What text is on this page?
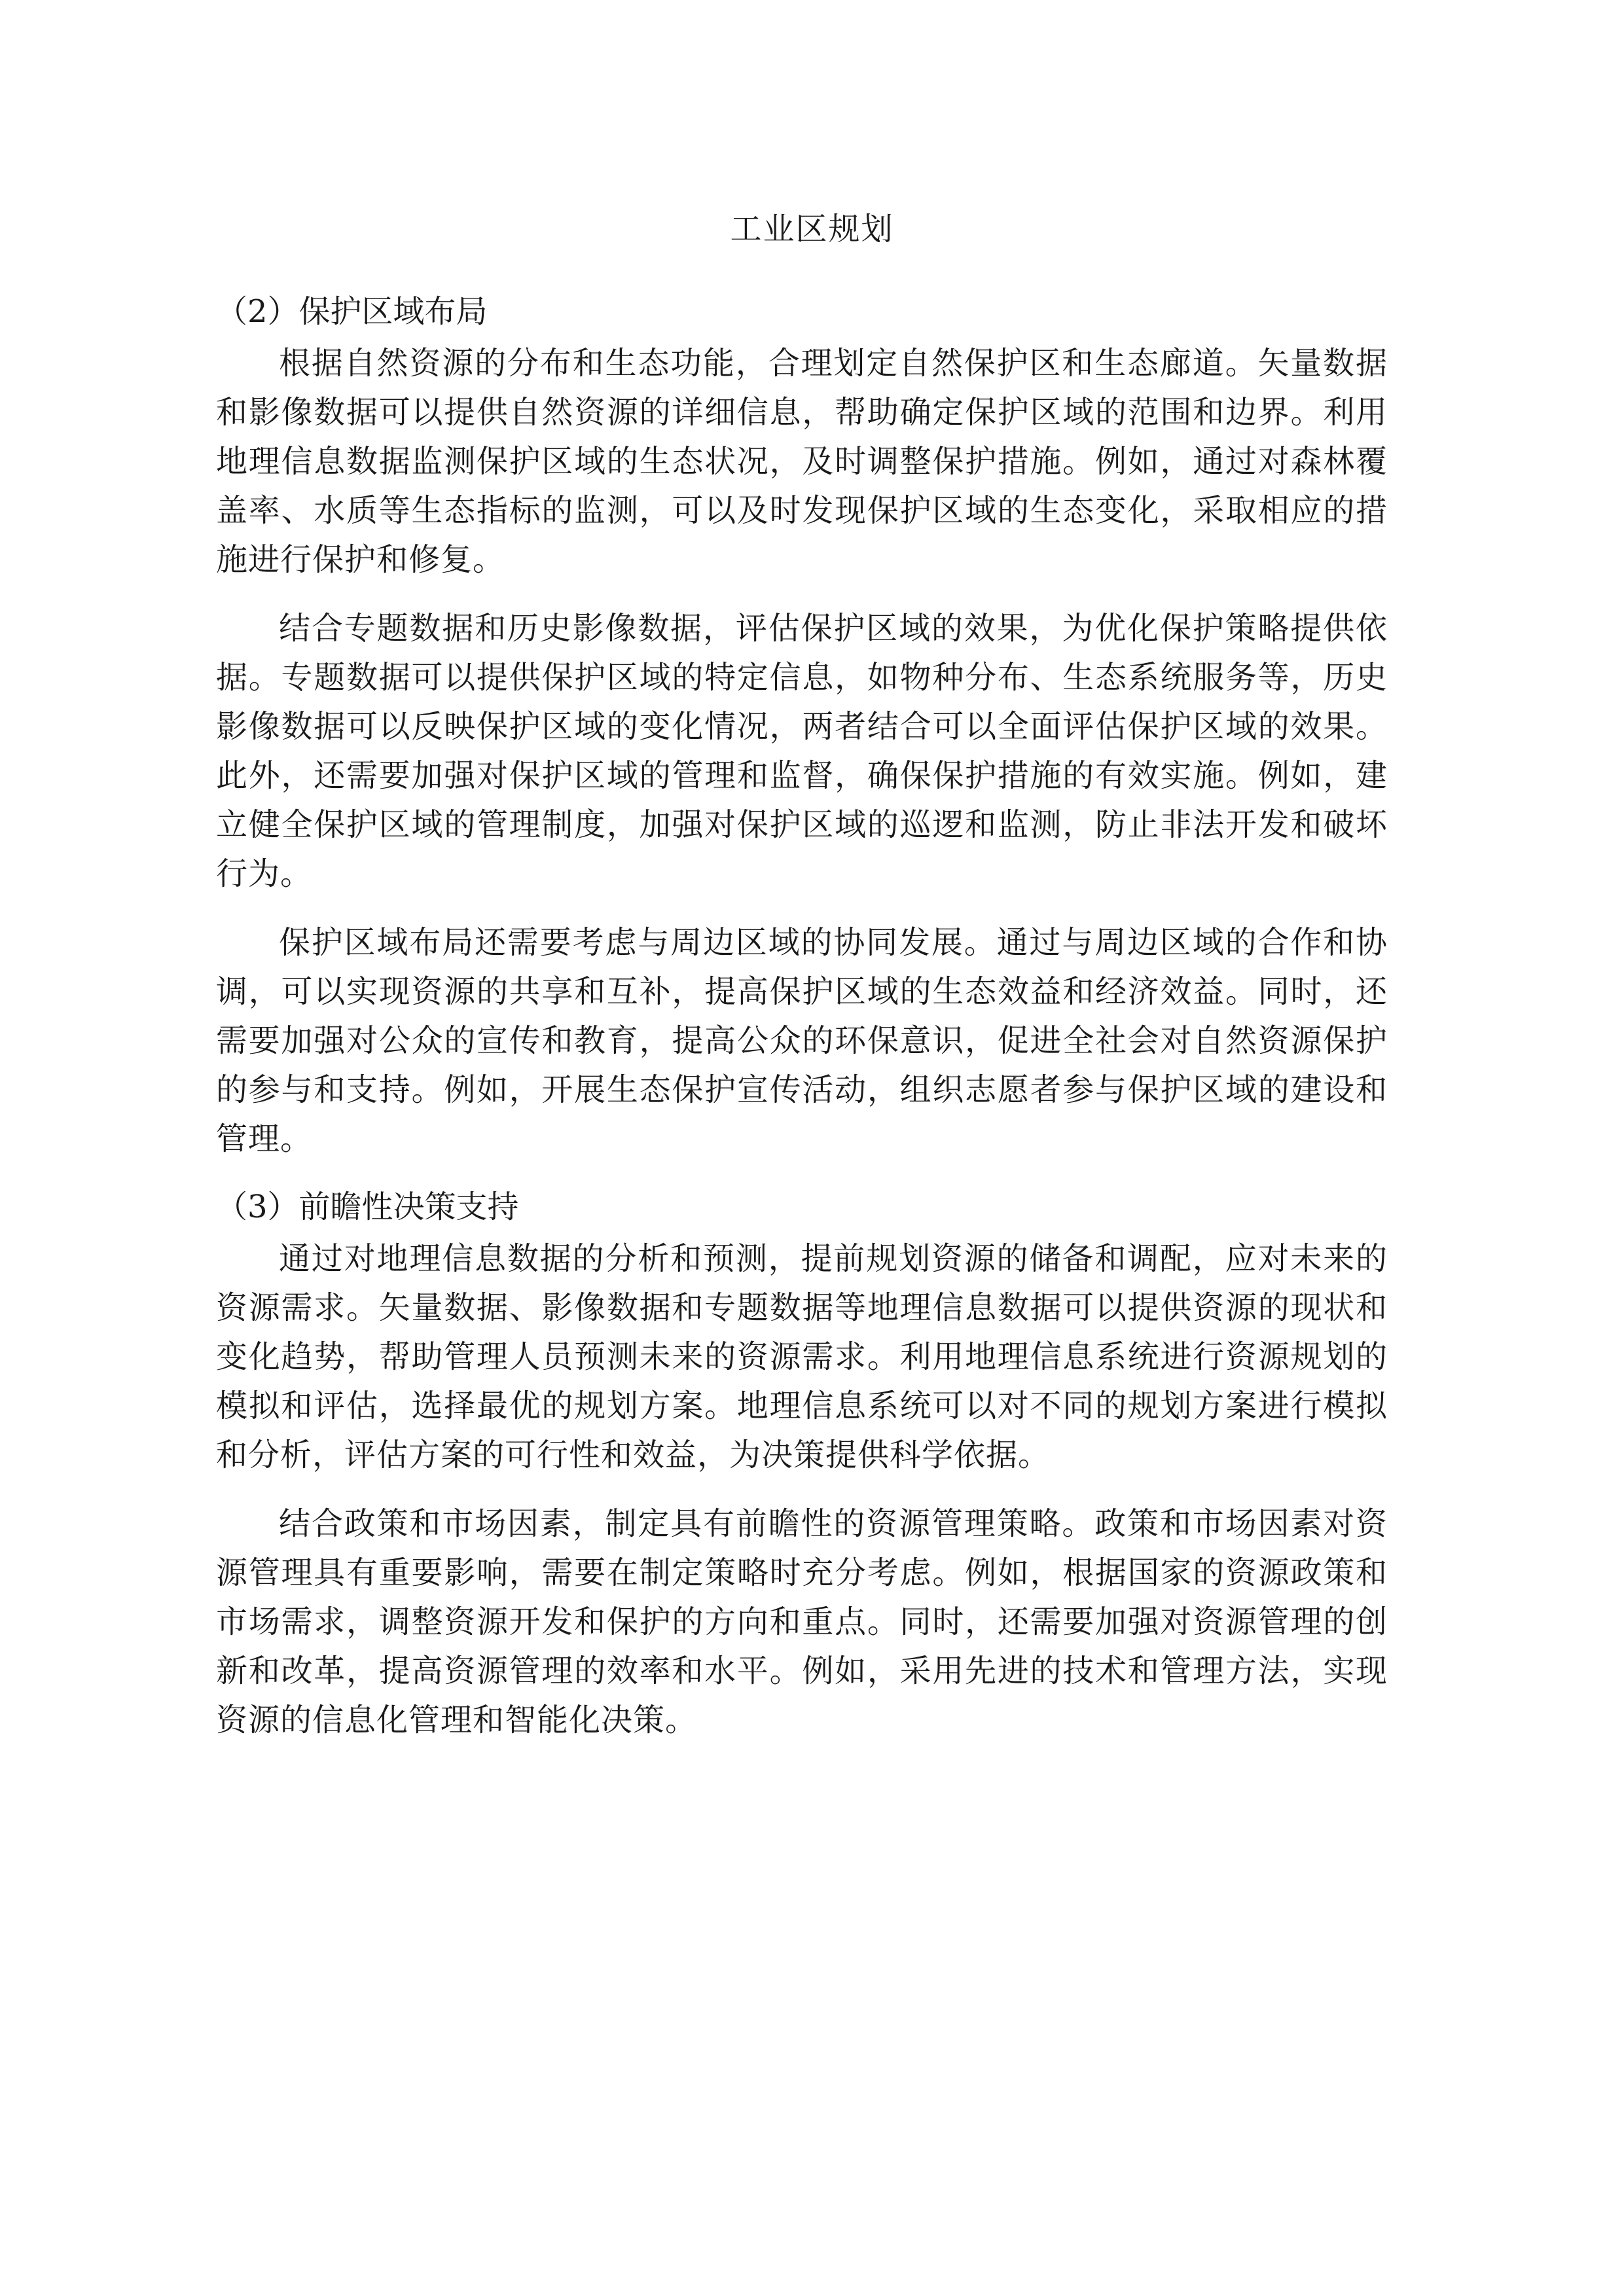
工业区规划
（2）保护区域布局

根据自然资源的分布和生态功能，合理划定自然保护区和生态廊道。矢量数据和影像数据可以提供自然资源的详细信息，帮助确定保护区域的范围和边界。利用地理信息数据监测保护区域的生态状况，及时调整保护措施。例如，通过对森林覆盖率、水质等生态指标的监测，可以及时发现保护区域的生态变化，采取相应的措施进行保护和修复。

结合专题数据和历史影像数据，评估保护区域的效果，为优化保护策略提供依据。专题数据可以提供保护区域的特定信息，如物种分布、生态系统服务等，历史影像数据可以反映保护区域的变化情况，两者结合可以全面评估保护区域的效果。此外，还需要加强对保护区域的管理和监督，确保保护措施的有效实施。例如，建立健全保护区域的管理制度，加强对保护区域的巡逻和监测，防止非法开发和破坏行为。

保护区域布局还需要考虑与周边区域的协同发展。通过与周边区域的合作和协调，可以实现资源的共享和互补，提高保护区域的生态效益和经济效益。同时，还需要加强对公众的宣传和教育，提高公众的环保意识，促进全社会对自然资源保护的参与和支持。例如，开展生态保护宣传活动，组织志愿者参与保护区域的建设和管理。

（3）前瞻性决策支持

通过对地理信息数据的分析和预测，提前规划资源的储备和调配，应对未来的资源需求。矢量数据、影像数据和专题数据等地理信息数据可以提供资源的现状和变化趋势，帮助管理人员预测未来的资源需求。利用地理信息系统进行资源规划的模拟和评估，选择最优的规划方案。地理信息系统可以对不同的规划方案进行模拟和分析，评估方案的可行性和效益，为决策提供科学依据。

结合政策和市场因素，制定具有前瞻性的资源管理策略。政策和市场因素对资源管理具有重要影响，需要在制定策略时充分考虑。例如，根据国家的资源政策和市场需求，调整资源开发和保护的方向和重点。同时，还需要加强对资源管理的创新和改革，提高资源管理的效率和水平。例如，采用先进的技术和管理方法，实现资源的信息化管理和智能化决策。
